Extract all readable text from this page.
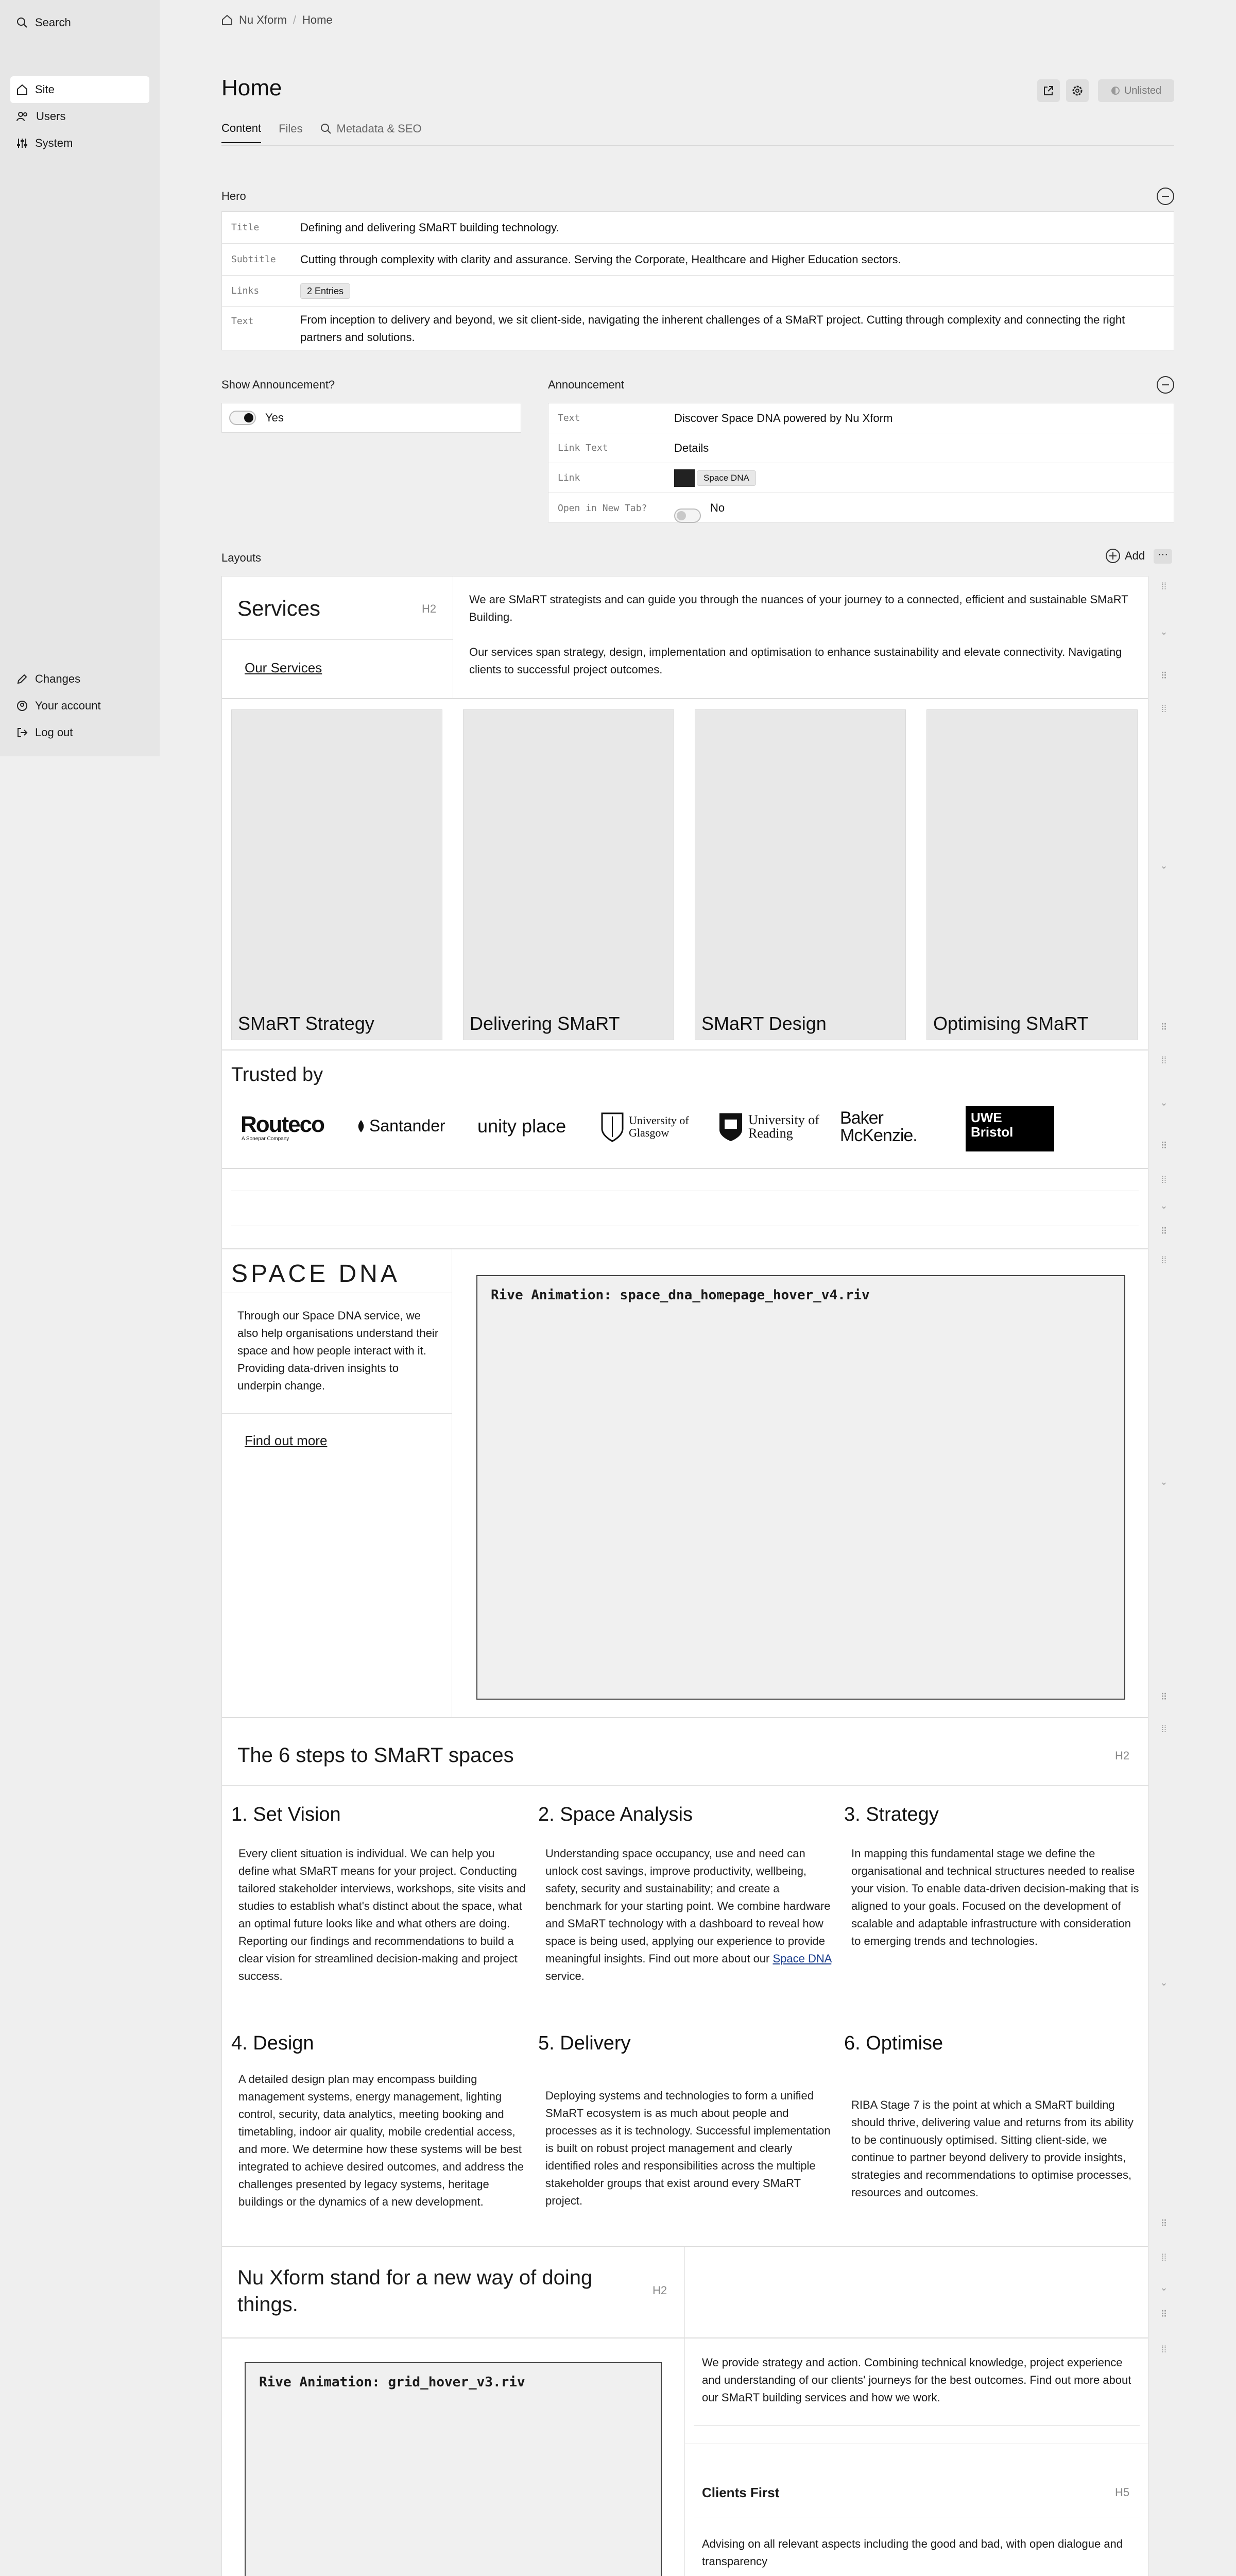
Search
Site
Users
System
Changes
Your account
Log out
Nu Xform / Home
Home	Unlisted
Content Files	Metadata & SEO
Hero
Title	Defining and delivering SMaRT building technology.
Subtitle Cutting through complexity with clarity and assurance. Serving the Corporate, Healthcare and Higher Education sectors.
Links	2 Entries
Text	From inception to delivery and beyond, we sit client-side, navigating the inherent challenges of a SMaRT project. Cutting through complexity and connecting the right partners and solutions.
Show Announcement?
Yes
Announcement
Text	Discover Space DNA powered by Nu Xform
Link Text	Details
Link	Space DNA
Open in New Tab?	No
Layouts	Add	···
Services	H2
Our Services

We are SMaRT strategists and can guide you through the nuances of your journey to a connected, efficient and sustainable SMaRT Building.

Our services span strategy, design, implementation and optimisation to enhance sustainability and elevate connectivity. Navigating clients to successful project outcomes.

SMaRT Strategy	Delivering SMaRT	SMaRT Design	Optimising SMaRT
Trusted by
Routeco
A Sonepar Company
Santander unity place	University of Glasgow
University of Reading
Baker McKenzie.
UWE Bristol
SPACE DNA

Through our Space DNA service, we also help organisations understand their space and how people interact with it. Providing data-driven insights to underpin change.

Find out more
Rive Animation: space_dna_homepage_hover_v4.riv
The 6 steps to SMaRT spaces	H2
1. Set Vision

Every client situation is individual. We can help you define what SMaRT means for your project. Conducting tailored stakeholder interviews, workshops, site visits and studies to establish what's distinct about the space, what an optimal future looks like and what others are doing. Reporting our findings and recommendations to build a clear vision for streamlined decision-making and project success.

2. Space Analysis

Understanding space occupancy, use and need can unlock cost savings, improve productivity, wellbeing, safety, security and sustainability; and create a benchmark for your starting point. We combine hardware and SMaRT technology with a dashboard to reveal how space is being used, applying our experience to provide meaningful insights. Find out more about our Space DNA service.

3. Strategy

In mapping this fundamental stage we define the organisational and technical structures needed to realise your vision. To enable data-driven decision-making that is aligned to your goals. Focused on the development of scalable and adaptable infrastructure with consideration to emerging trends and technologies.

4. Design

A detailed design plan may encompass building management systems, energy management, lighting control, security, data analytics, meeting booking and timetabling, indoor air quality, mobile credential access, and more. We determine how these systems will be best integrated to achieve desired outcomes, and address the challenges presented by legacy systems, heritage buildings or the dynamics of a new development.

5. Delivery

Deploying systems and technologies to form a unified SMaRT ecosystem is as much about people and processes as it is technology. Successful implementation is built on robust project management and clearly identified roles and responsibilities across the multiple stakeholder groups that exist around every SMaRT project.

6. Optimise

RIBA Stage 7 is the point at which a SMaRT building should thrive, delivering value and returns from its ability to be continuously optimised. Sitting client-side, we continue to partner beyond delivery to provide insights, strategies and recommendations to optimise processes, resources and outcomes.

Nu Xform stand for a new way of doing things.
H2
Rive Animation: grid_hover_v3.riv

We provide strategy and action. Combining technical knowledge, project experience and understanding of our clients' journeys for the best outcomes. Find out more about our SMaRT building services and how we work.

Clients First	H5

Advising on all relevant aspects including the good and bad, with open dialogue and transparency

⁞⁞
⌄
⠿
⁞⁞
⌄
⠿
⁞⁞
⌄
⠿
⁞⁞
⌄
⠿
⁞⁞
⌄
⠿
⁞⁞
⌄
⠿
⁞⁞
⌄
⠿
⁞⁞
